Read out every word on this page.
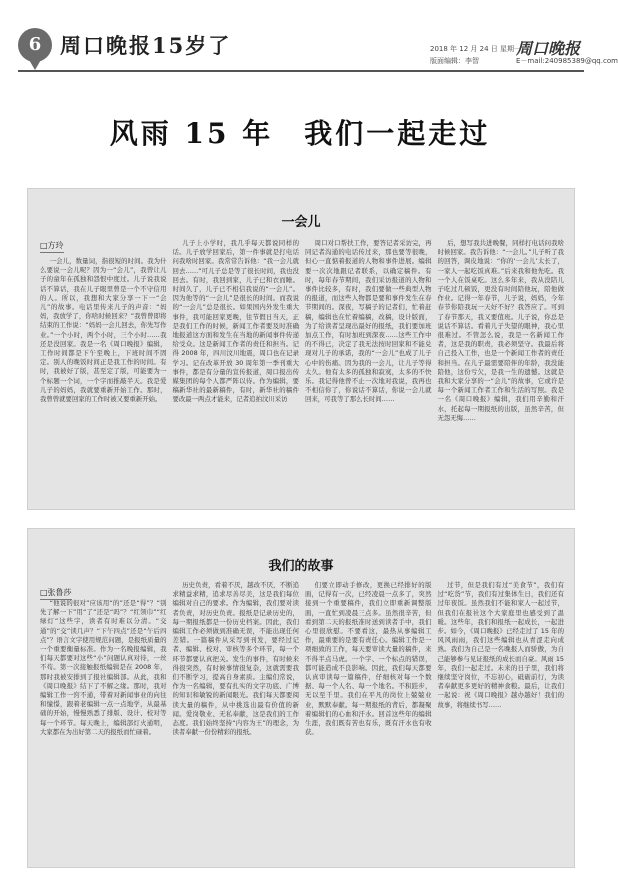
6 周口晚报15岁了	2018 年 12 月 24 日 星期一
版面编辑：李智
周口晚报
E－mail:240985389@qq.com
风雨 15 年　我们一起走过
一会儿

一会儿，数量词，指很短的时间。我为什么要说一会儿呢？因为一“会儿”，我曾让儿子的童年在孤独和怨恨中度过。儿子说我说话不算话，我在儿子眼里曾是一个不守信用的人。所以，我想和大家分享一下一“会儿”的故事。电话里传来儿子的声音：“妈妈，我放学了，你啥时候回来？”我曾曾即将结束的工作说：“妈妈一会儿回去，你先写作业。”一个小时，两个小时，三个小时……我还是没回家。我是一名《周口晚报》编辑，工作时间都是下午至晚上，下班时间不固定。别人的晚饭时间正是我工作的时间。有时，我被好了版，甚至定了版，可能要为一个标题一个词，一个字而推敲半天。我是爱儿子的妈妈，我就要重新开始工作。那时，我曾曾就要回家的工作时被又要重新开始。

儿子上小学时，我几乎每天都说同样的话。儿子放学回家后，第一件事就是打电话问我啥时回家。我常常告诉他：“我一会儿就回去……”可儿子总是等了很长时间，我也没回去。有时，我回到家，儿子已和衣而睡。时间久了，儿子已不相信我说的“一会儿”。因为他等的“一会儿”是很长的时间。而我说的“一会儿”总是很长。如果国内外发生重大事件，我可能回家更晚，往节假日当天，正是我们工作的时候，新闻工作者要及时准确地报道这方面和发生在当地的新闻事件传递给受众。这是新闻工作者的责任和担当。记得 2008 年，四川汶川地震，周口也在记录学习。记在改革开放 30 周年第一季刊重大事件，都是有分量的宣传报道，周口报出传媒集团的每个人都严阵以待。作为编辑，要稿新华社的最新稿件，有时，新华社的稿件要改最一两点才能来，记者追拍汶川采访

周口对口帮扶工作，要答记者采访完，再同记者沟通的电话传过来，那也要等很晚，但心一直惦着报道的人物和事件进展。编辑要一次次地跟记者联系，以确定稿件。有时，每年春节期间，我们采访报道的人物和事件比较多，有时，我们要做一些典型人物的报道，而这些人物都是要和事件发生在春节期间的。深夜，写稿子的记者们，忙着赶稿，编辑也在忙着编稿，改稿，设计版面，为了给读者呈现出最好的报纸，我们要加班加点工作，有时加班到深夜……这些工作中的不得已，决定了我无法按时回家和不能兑现对儿子的承诺，我的“一会儿”也成了儿子心中的伤痛。因为我的一会儿，让儿子等得太久。他有太多的孤独和寂寞，太多的不快乐。我记得他曾不止一次地对我说，我再也不相信你了，你说话不算话，你说一会儿就回来，可我等了那么长时间……

后，想写我共进晚餐，同样打电话问我啥时候回家。我告诉他：“一会儿。”儿子听了我的回答，调皮地说：“你的‘一会儿’太长了，一家人一起吃饭真难。”后来我和他先吃。我一个人在饭桌吃。这么多年来，我从没陪儿子吃过几顿饭，更没有时间陪他玩，陪他做作业。记得一年春节，儿子说，妈妈，今年春节你陪我玩一天好不好？我答应了。可到了春节那天，我又要值班。儿子说，你总是说话不算话。看着儿子失望的眼神，我心里很难过。不管怎么说，我是一名新闻工作者，这是我的职责，我必须坚守。我最后将自己投入工作，也是一个新闻工作者的责任和担当。在儿子最需要陪伴的年龄，我没能陪他，这份亏欠，是我一生的遗憾。这就是我和大家分享的一“会儿”的故事，它或许是每一个新闻工作者工作和生活的写照。我是一名《周口晚报》编辑，我们用辛勤和汗水，托起每一期报纸的出版，虽然辛苦，但无怨无悔……

□方玲
我们的故事

“他说的很对”应该用“的”还是“得”？“别先了解一下”用“了”还是“吗”？“红领巾”“红绿灯”这些字，读者有时难以分清。“交通”的“交”读几声？“下午四点”还是“午后四点”？语言文字使用规范问题，是报纸质量的一个重要衡量标准。作为一名晚报编辑，我们每天都要对这些“小”问题认真对待，一丝不苟。第一次接触报纸编辑是在 2008 年，那时我被安排到了报社编辑部。从此，我和《周口晚报》结下了不解之缘。那时，我对编辑工作一窍不通，带着对新闻事业的向往和憧憬，跟着老编辑一点一点地学，从最基础的开始，慢慢熟悉了排版、设计、校对等每一个环节。每天晚上，编辑部灯火通明，大家都在为出好第二天的报纸而忙碌着。

历史负责，看着不厌，越改不厌，不断追求精益求精，追求尽善尽美，这是我们每位编辑对自己的要求。作为编辑，我们要对读者负责，对历史负责。报纸是记录历史的，每一期报纸都是一份历史档案。因此，我们编辑工作必须做到准确无误，不能出现任何差错。一篇稿件从采写到刊发，要经过记者、编辑、校对、审核等多个环节，每一个环节都要认真把关。发生的事件，有时候来得很突然，有时候事情很复杂，这就需要我们不断学习，提高自身素质。主编们常说，作为一名编辑，要有扎实的文字功底、广博的知识和敏锐的新闻眼光。我们每天都要阅读大量的稿件，从中挑选出最有价值的新闻。爱岗敬业、无私奉献，这是我们的工作态度。我们始终坚持“内容为王”的理念，为读者奉献一份份精彩的报纸。

们要立即动手修改，更换已经排好的版面，记得有一次，已经凌晨一点多了，突然接到一个重要稿件，我们立即重新调整版面，一直忙到凌晨三点多。虽然很辛苦，但看到第二天的报纸准时送到读者手中，我们心里很欣慰。不要看这，最热从事编辑工作，最重要的是要有责任心。编辑工作是一项细致的工作，每天要审读大量的稿件，来不得半点马虎。一个字、一个标点的错误，都可能造成不良影响。因此，我们每天都要认真审读每一篇稿件，仔细核对每一个数据、每一个人名、每一个地名。不积跬步，无以至千里。我们在平凡的岗位上兢兢业业，默默奉献。每一期报纸的背后，都凝聚着编辑们的心血和汗水。回首这些年的编辑生涯，我们既有苦也有乐，既有汗水也有收获。

过节，但是我们有过“美食节”，我们有过“吃货”节，我们有过集体生日，我们还有过年夜饭。虽然我们不能和家人一起过节，但我们在报社这个大家庭里也感受到了温暖。这些年，我们和报纸一起成长，一起进步。如今，《周口晚报》已经走过了 15 年的风风雨雨，我们这些编辑也从青涩走向成熟。我们为自己是一名晚报人而骄傲，为自己能够参与见证报纸的成长而自豪。风雨 15 年，我们一起走过。未来的日子里，我们将继续坚守岗位，不忘初心，砥砺前行，为读者奉献更多更好的精神食粮。最后，让我们一起说：祝《周口晚报》越办越好！我们的故事，将继续书写……

□张鲁莎
